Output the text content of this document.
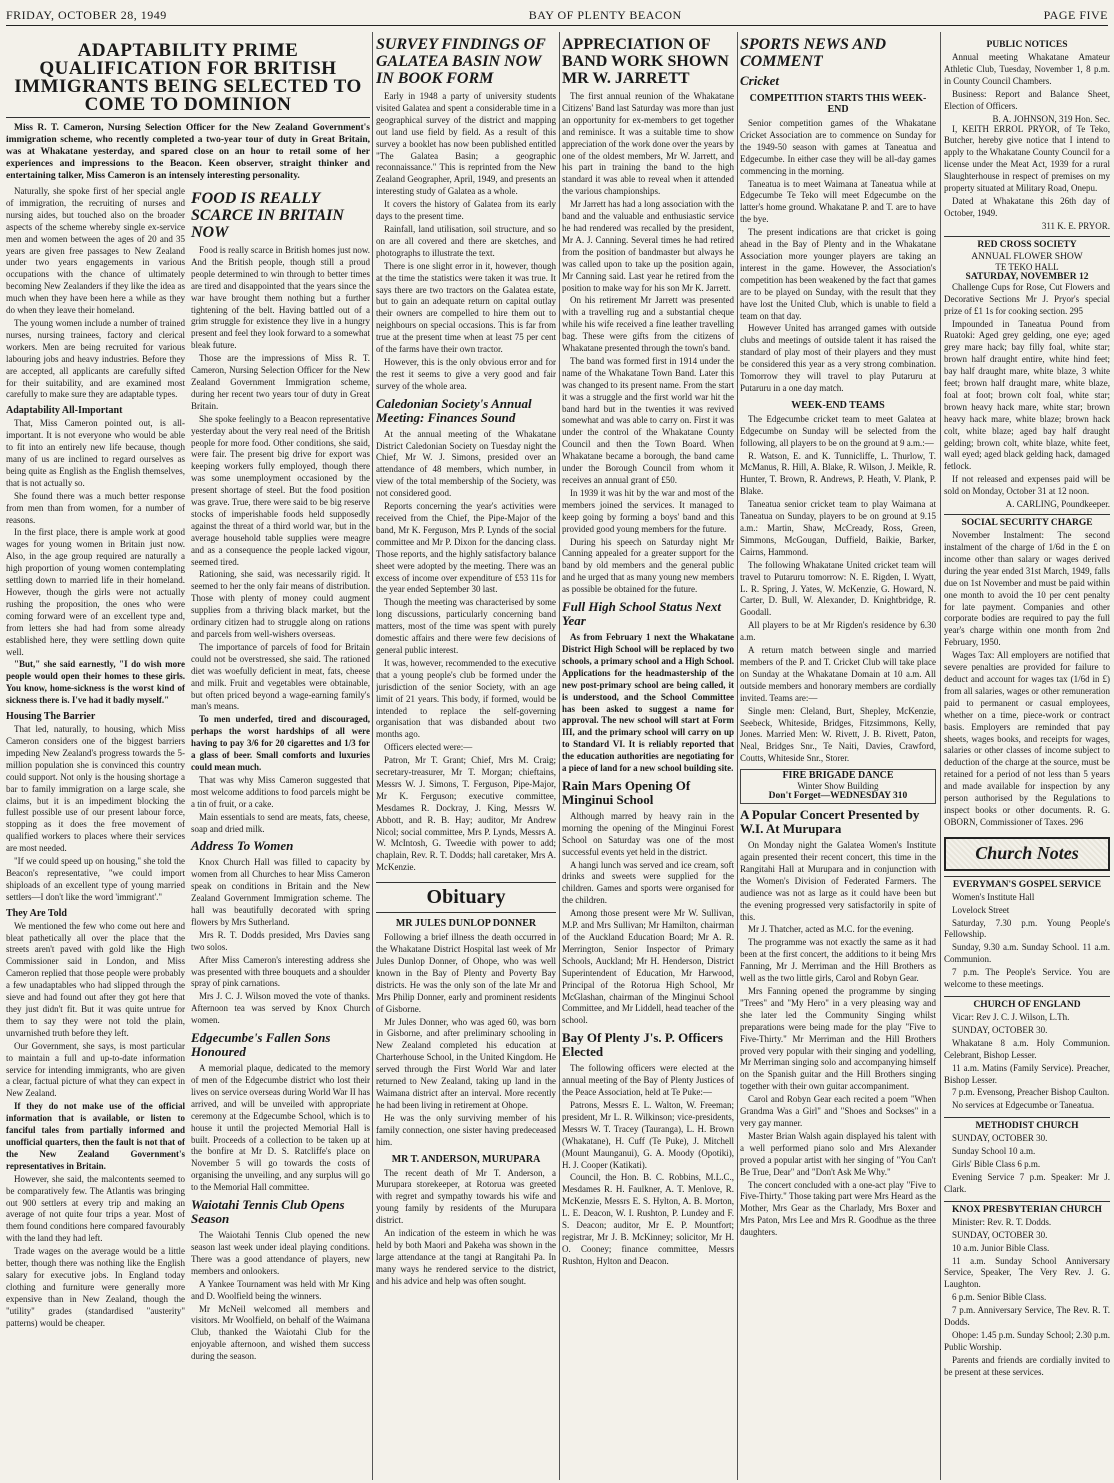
FRIDAY, OCTOBER 28, 1949	BAY OF PLENTY BEACON	PAGE FIVE
ADAPTABILITY PRIME QUALIFICATION FOR BRITISH IMMIGRANTS BEING SELECTED TO COME TO DOMINION
Miss R. T. Cameron, Nursing Selection Officer for the New Zealand Government's immigration scheme, who recently completed a two-year tour of duty in Great Britain, was at Whakatane yesterday, and spared close on an hour to retail some of her experiences and impressions to the Beacon. Keen observer, straight thinker and entertaining talker, Miss Cameron is an intensely interesting personality.

Naturally, she spoke first of her special angle of immigration, the recruiting of nurses and nursing aides, but touched also on the broader aspects of the scheme whereby single ex-service men and women between the ages of 20 and 35 years are given free passages to New Zealand under two years engagements in various occupations with the chance of ultimately becoming New Zealanders if they like the idea as much when they have been here a while as they do when they leave their homeland.

The young women include a number of trained nurses, nursing trainees, factory and clerical workers. Men are being recruited for various labouring jobs and heavy industries. Before they are accepted, all applicants are carefully sifted for their suitability, and are examined most carefully to make sure they are adaptable types.

Adaptability All-Important

That, Miss Cameron pointed out, is all-important. It is not everyone who would be able to fit into an entirely new life because, though many of us are inclined to regard ourselves as being quite as English as the English themselves, that is not actually so.

She found there was a much better response from men than from women, for a number of reasons.

In the first place, there is ample work at good wages for young women in Britain just now. Also, in the age group required are naturally a high proportion of young women contemplating settling down to married life in their homeland. However, though the girls were not actually rushing the proposition, the ones who were coming forward were of an excellent type and, from letters she had had from some already established here, they were settling down quite well.

"But," she said earnestly, "I do wish more people would open their homes to these girls. You know, home-sickness is the worst kind of sickness there is. I've had it badly myself."

Housing The Barrier

That led, naturally, to housing, which Miss Cameron considers one of the biggest barriers impeding New Zealand's progress towards the 5-million population she is convinced this country could support. Not only is the housing shortage a bar to family immigration on a large scale, she claims, but it is an impediment blocking the fullest possible use of our present labour force, stopping as it does the free movement of qualified workers to places where their services are most needed.

"If we could speed up on housing," she told the Beacon's representative, "we could import shiploads of an excellent type of young married settlers—I don't like the word 'immigrant'."

They Are Told

We mentioned the few who come out here and bleat pathetically all over the place that the streets aren't paved with gold like the High Commissioner said in London, and Miss Cameron replied that those people were probably a few unadaptables who had slipped through the sieve and had found out after they got here that they just didn't fit. But it was quite untrue for them to say they were not told the plain, unvarnished truth before they left.

Our Government, she says, is most particular to maintain a full and up-to-date information service for intending immigrants, who are given a clear, factual picture of what they can expect in New Zealand.

If they do not make use of the official information that is available, or listen to fanciful tales from partially informed and unofficial quarters, then the fault is not that of the New Zealand Government's representatives in Britain.

However, she said, the malcontents seemed to be comparatively few. The Atlantis was bringing out 900 settlers at every trip and making an average of not quite four trips a year. Most of them found conditions here compared favourably with the land they had left.

Trade wages on the average would be a little better, though there was nothing like the English salary for executive jobs. In England today clothing and furniture were generally more expensive than in New Zealand, though the "utility" grades (standardised "austerity" patterns) would be cheaper.

FOOD IS REALLY SCARCE IN BRITAIN NOW

Food is really scarce in British homes just now. And the British people, though still a proud people determined to win through to better times are tired and disappointed that the years since the war have brought them nothing but a further tightening of the belt. Having battled out of a grim struggle for existence they live in a hungry present and feel they look forward to a somewhat bleak future.

Those are the impressions of Miss R. T. Cameron, Nursing Selection Officer for the New Zealand Government Immigration scheme, during her recent two years tour of duty in Great Britain.

She spoke feelingly to a Beacon representative yesterday about the very real need of the British people for more food. Other conditions, she said, were fair. The present big drive for export was keeping workers fully employed, though there was some unemployment occasioned by the present shortage of steel. But the food position was grave. True, there were said to be big reserve stocks of imperishable foods held supposedly against the threat of a third world war, but in the average household table supplies were meagre and as a consequence the people lacked vigour, seemed tired.

Rationing, she said, was necessarily rigid. It seemed to her the only fair means of distribution. Those with plenty of money could augment supplies from a thriving black market, but the ordinary citizen had to struggle along on rations and parcels from well-wishers overseas.

The importance of parcels of food for Britain could not be overstressed, she said. The rationed diet was woefully deficient in meat, fats, cheese and milk. Fruit and vegetables were obtainable, but often priced beyond a wage-earning family's man's means.

To men underfed, tired and discouraged, perhaps the worst hardships of all were having to pay 3/6 for 20 cigarettes and 1/3 for a glass of beer. Small comforts and luxuries could mean much.

That was why Miss Cameron suggested that most welcome additions to food parcels might be a tin of fruit, or a cake.

Main essentials to send are meats, fats, cheese, soap and dried milk.

Address To Women

Knox Church Hall was filled to capacity by women from all Churches to hear Miss Cameron speak on conditions in Britain and the New Zealand Government Immigration scheme. The hall was beautifully decorated with spring flowers by Mrs Sutherland.

Mrs R. T. Dodds presided, Mrs Davies sang two solos.

After Miss Cameron's interesting address she was presented with three bouquets and a shoulder spray of pink carnations.

Mrs J. C. J. Wilson moved the vote of thanks. Afternoon tea was served by Knox Church women.

Edgecumbe's Fallen Sons Honoured

A memorial plaque, dedicated to the memory of men of the Edgecumbe district who lost their lives on service overseas during World War II has arrived, and will be unveiled with appropriate ceremony at the Edgecumbe School, which is to house it until the projected Memorial Hall is built. Proceeds of a collection to be taken up at the bonfire at Mr D. S. Ratcliffe's place on November 5 will go towards the costs of organising the unveiling, and any surplus will go to the Memorial Hall committee.

Waiotahi Tennis Club Opens Season

The Waiotahi Tennis Club opened the new season last week under ideal playing conditions. There was a good attendance of players, new members and onlookers.

A Yankee Tournament was held with Mr King and D. Woolfield being the winners.

Mr McNeil welcomed all members and visitors. Mr Woolfield, on behalf of the Waimana Club, thanked the Waiotahi Club for the enjoyable afternoon, and wished them success during the season.

SURVEY FINDINGS OF GALATEA BASIN NOW IN BOOK FORM

Early in 1948 a party of university students visited Galatea and spent a considerable time in a geographical survey of the district and mapping out land use field by field. As a result of this survey a booklet has now been published entitled "The Galatea Basin; a geographic reconnaissance." This is reprinted from the New Zealand Geographer, April, 1949, and presents an interesting study of Galatea as a whole.

It covers the history of Galatea from its early days to the present time.

Rainfall, land utilisation, soil structure, and so on are all covered and there are sketches, and photographs to illustrate the text.

There is one slight error in it, however, though at the time the statistics were taken it was true. It says there are two tractors on the Galatea estate, but to gain an adequate return on capital outlay their owners are compelled to hire them out to neighbours on special occasions. This is far from true at the present time when at least 75 per cent of the farms have their own tractor.

However, this is the only obvious error and for the rest it seems to give a very good and fair survey of the whole area.

Caledonian Society's Annual Meeting: Finances Sound

At the annual meeting of the Whakatane District Caledonian Society on Tuesday night the Chief, Mr W. J. Simons, presided over an attendance of 48 members, which number, in view of the total membership of the Society, was not considered good.

Reports concerning the year's activities were received from the Chief, the Pipe-Major of the band, Mr K. Ferguson, Mrs P. Lynds of the social committee and Mr P. Dixon for the dancing class. Those reports, and the highly satisfactory balance sheet were adopted by the meeting. There was an excess of income over expenditure of £53 11s for the year ended September 30 last.

Though the meeting was characterised by some long discussions, particularly concerning band matters, most of the time was spent with purely domestic affairs and there were few decisions of general public interest.

It was, however, recommended to the executive that a young people's club be formed under the jurisdiction of the senior Society, with an age limit of 21 years. This body, if formed, would be intended to replace the self-governing organisation that was disbanded about two months ago.

Officers elected were:—

Patron, Mr T. Grant; Chief, Mrs M. Craig; secretary-treasurer, Mr T. Morgan; chieftains, Messrs W. J. Simons, T. Ferguson, Pipe-Major, Mr K. Ferguson; executive committee, Mesdames R. Dockray, J. King, Messrs W. Abbott, and R. B. Hay; auditor, Mr Andrew Nicol; social committee, Mrs P. Lynds, Messrs A. W. McIntosh, G. Tweedie with power to add; chaplain, Rev. R. T. Dodds; hall caretaker, Mrs A. McKenzie.

Obituary
MR JULES DUNLOP DONNER

Following a brief illness the death occurred in the Whakatane District Hospital last week of Mr Jules Dunlop Donner, of Ohope, who was well known in the Bay of Plenty and Poverty Bay districts. He was the only son of the late Mr and Mrs Philip Donner, early and prominent residents of Gisborne.

Mr Jules Donner, who was aged 60, was born in Gisborne, and after preliminary schooling in New Zealand completed his education at Charterhouse School, in the United Kingdom. He served through the First World War and later returned to New Zealand, taking up land in the Waimana district after an interval. More recently he had been living in retirement at Ohope.

He was the only surviving member of his family connection, one sister having predeceased him.

MR T. ANDERSON, MURUPARA

The recent death of Mr T. Anderson, a Murupara storekeeper, at Rotorua was greeted with regret and sympathy towards his wife and young family by residents of the Murupara district.

An indication of the esteem in which he was held by both Maori and Pakeha was shown in the large attendance at the tangi at Rangitahi Pa. In many ways he rendered service to the district, and his advice and help was often sought.

APPRECIATION OF BAND WORK SHOWN MR W. JARRETT

The first annual reunion of the Whakatane Citizens' Band last Saturday was more than just an opportunity for ex-members to get together and reminisce. It was a suitable time to show appreciation of the work done over the years by one of the oldest members, Mr W. Jarrett, and his part in training the band to the high standard it was able to reveal when it attended the various championships.

Mr Jarrett has had a long association with the band and the valuable and enthusiastic service he had rendered was recalled by the president, Mr A. J. Canning. Several times he had retired from the position of bandmaster but always he was called upon to take up the position again, Mr Canning said. Last year he retired from the position to make way for his son Mr K. Jarrett.

On his retirement Mr Jarrett was presented with a travelling rug and a substantial cheque while his wife received a fine leather travelling bag. These were gifts from the citizens of Whakatane presented through the town's band.

The band was formed first in 1914 under the name of the Whakatane Town Band. Later this was changed to its present name. From the start it was a struggle and the first world war hit the band hard but in the twenties it was revived somewhat and was able to carry on. First it was under the control of the Whakatane County Council and then the Town Board. When Whakatane became a borough, the band came under the Borough Council from whom it receives an annual grant of £50.

In 1939 it was hit by the war and most of the members joined the services. It managed to keep going by forming a boys' band and this provided good young members for the future.

During his speech on Saturday night Mr Canning appealed for a greater support for the band by old members and the general public and he urged that as many young new members as possible be obtained for the future.

Full High School Status Next Year

As from February 1 next the Whakatane District High School will be replaced by two schools, a primary school and a High School. Applications for the headmastership of the new post-primary school are being called, it is understood, and the School Committee has been asked to suggest a name for approval. The new school will start at Form III, and the primary school will carry on up to Standard VI. It is reliably reported that the education authorities are negotiating for a piece of land for a new school building site.

Rain Mars Opening Of Minginui School

Although marred by heavy rain in the morning the opening of the Minginui Forest School on Saturday was one of the most successful events yet held in the district.

A hangi lunch was served and ice cream, soft drinks and sweets were supplied for the children. Games and sports were organised for the children.

Among those present were Mr W. Sullivan, M.P. and Mrs Sullivan; Mr Hamilton, chairman of the Auckland Education Board; Mr A. R. Merrington, Senior Inspector of Primary Schools, Auckland; Mr H. Henderson, District Superintendent of Education, Mr Harwood, Principal of the Rotorua High School, Mr McGlashan, chairman of the Minginui School Committee, and Mr Liddell, head teacher of the school.

Bay Of Plenty J's. P. Officers Elected

The following officers were elected at the annual meeting of the Bay of Plenty Justices of the Peace Association, held at Te Puke:—

Patrons, Messrs E. L. Walton, W. Freeman; president, Mr L. R. Wilkinson; vice-presidents, Messrs W. T. Tracey (Tauranga), L. H. Brown (Whakatane), H. Cuff (Te Puke), J. Mitchell (Mount Maunganui), G. A. Moody (Opotiki), H. J. Cooper (Katikati).

Council, the Hon. B. C. Robbins, M.L.C., Mesdames R. H. Faulkner, A. T. Menlove, R. McKenzie, Messrs E. S. Hylton, A. B. Morton, L. E. Deacon, W. I. Rushton, P. Lundey and F. S. Deacon; auditor, Mr E. P. Mountfort; registrar, Mr J. B. McKinney; solicitor, Mr H. O. Cooney; finance committee, Messrs Rushton, Hylton and Deacon.

SPORTS NEWS AND COMMENT
Cricket
COMPETITION STARTS THIS WEEK-END

Senior competition games of the Whakatane Cricket Association are to commence on Sunday for the 1949-50 season with games at Taneatua and Edgecumbe. In either case they will be all-day games commencing in the morning.

Taneatua is to meet Waimana at Taneatua while at Edgecumbe Te Teko will meet Edgecumbe on the latter's home ground. Whakatane P. and T. are to have the bye.

The present indications are that cricket is going ahead in the Bay of Plenty and in the Whakatane Association more younger players are taking an interest in the game. However, the Association's competition has been weakened by the fact that games are to be played on Sunday, with the result that they have lost the United Club, which is unable to field a team on that day.

However United has arranged games with outside clubs and meetings of outside talent it has raised the standard of play most of their players and they must be considered this year as a very strong combination. Tomorrow they will travel to play Putaruru at Putaruru in a one day match.

WEEK-END TEAMS

The Edgecumbe cricket team to meet Galatea at Edgecumbe on Sunday will be selected from the following, all players to be on the ground at 9 a.m.:—

R. Watson, E. and K. Tunnicliffe, L. Thurlow, T. McManus, R. Hill, A. Blake, R. Wilson, J. Meikle, R. Hunter, T. Brown, R. Andrews, P. Heath, V. Plank, P. Blake.

Taneatua senior cricket team to play Waimana at Taneatua on Sunday, players to be on ground at 9.15 a.m.: Martin, Shaw, McCready, Ross, Green, Simmons, McGougan, Duffield, Baikie, Barker, Cairns, Hammond.

The following Whakatane United cricket team will travel to Putaruru tomorrow: N. E. Rigden, I. Wyatt, L. R. Spring, J. Yates, W. McKenzie, G. Howard, N. Carter, D. Bull, W. Alexander, D. Knightbridge, R. Goodall.

All players to be at Mr Rigden's residence by 6.30 a.m.

A return match between single and married members of the P. and T. Cricket Club will take place on Sunday at the Whakatane Domain at 10 a.m. All outside members and honorary members are cordially invited. Teams are:—

Single men: Cleland, Burt, Shepley, McKenzie, Seebeck, Whiteside, Bridges, Fitzsimmons, Kelly, Jones. Married Men: W. Rivett, J. B. Rivett, Paton, Neal, Bridges Snr., Te Naiti, Davies, Crawford, Coutts, Whiteside Snr., Storer.

FIRE BRIGADE DANCE
Winter Show Building
Don't Forget—WEDNESDAY 310
A Popular Concert Presented by W.I. At Murupara

On Monday night the Galatea Women's Institute again presented their recent concert, this time in the Rangitahi Hall at Murupara and in conjunction with the Women's Division of Federated Farmers. The audience was not as large as it could have been but the evening progressed very satisfactorily in spite of this.

Mr J. Thatcher, acted as M.C. for the evening.

The programme was not exactly the same as it had been at the first concert, the additions to it being Mrs Fanning, Mr J. Merriman and the Hill Brothers as well as the two little girls, Carol and Robyn Gear.

Mrs Fanning opened the programme by singing "Trees" and "My Hero" in a very pleasing way and she later led the Community Singing whilst preparations were being made for the play "Five to Five-Thirty." Mr Merriman and the Hill Brothers proved very popular with their singing and yodelling, Mr Merriman singing solo and accompanying himself on the Spanish guitar and the Hill Brothers singing together with their own guitar accompaniment.

Carol and Robyn Gear each recited a poem "When Grandma Was a Girl" and "Shoes and Sockses" in a very gay manner.

Master Brian Walsh again displayed his talent with a well performed piano solo and Mrs Alexander proved a popular artist with her singing of "You Can't Be True, Dear" and "Don't Ask Me Why."

The concert concluded with a one-act play "Five to Five-Thirty." Those taking part were Mrs Heard as the Mother, Mrs Gear as the Charlady, Mrs Boxer and Mrs Paton, Mrs Lee and Mrs R. Goodhue as the three daughters.

PUBLIC NOTICES

Annual meeting Whakatane Amateur Athletic Club, Tuesday, November 1, 8 p.m. in County Council Chambers.

Business: Report and Balance Sheet, Election of Officers.

B. A. JOHNSON, 319 Hon. Sec.

I, KEITH ERROL PRYOR, of Te Teko, Butcher, hereby give notice that I intend to apply to the Whakatane County Council for a license under the Meat Act, 1939 for a rural Slaughterhouse in respect of premises on my property situated at Military Road, Onepu.

Dated at Whakatane this 26th day of October, 1949.

311 K. E. PRYOR.
RED CROSS SOCIETY
ANNUAL FLOWER SHOW
TE TEKO HALL
SATURDAY, NOVEMBER 12

Challenge Cups for Rose, Cut Flowers and Decorative Sections Mr J. Pryor's special prize of £1 1s for cooking section. 295

Impounded in Taneatua Pound from Ruatoki: Aged grey gelding, one eye; aged grey mare hack; bay filly foal, white star; brown half draught entire, white hind feet; bay half draught mare, white blaze, 3 white feet; brown half draught mare, white blaze, foal at foot; brown colt foal, white star; brown heavy hack mare, white star; brown heavy hack mare, white blaze; brown hack colt, white blaze; aged bay half draught gelding; brown colt, white blaze, white feet, wall eyed; aged black gelding hack, damaged fetlock.

If not released and expenses paid will be sold on Monday, October 31 at 12 noon.

A. CARLING, Poundkeeper.
SOCIAL SECURITY CHARGE

November Instalment: The second instalment of the charge of 1/6d in the £ on income other than salary or wages derived during the year ended 31st March, 1949, falls due on 1st November and must be paid within one month to avoid the 10 per cent penalty for late payment. Companies and other corporate bodies are required to pay the full year's charge within one month from 2nd February, 1950.

Wages Tax: All employers are notified that severe penalties are provided for failure to deduct and account for wages tax (1/6d in £) from all salaries, wages or other remuneration paid to permanent or casual employees, whether on a time, piece-work or contract basis. Employers are reminded that pay sheets, wages books, and receipts for wages, salaries or other classes of income subject to deduction of the charge at the source, must be retained for a period of not less than 5 years and made available for inspection by any person authorised by the Regulations to inspect books or other documents. R. G. OBORN, Commissioner of Taxes. 296

Church Notes
EVERYMAN'S GOSPEL SERVICE

Women's Institute Hall

Lovelock Street

Saturday, 7.30 p.m. Young People's Fellowship.

Sunday, 9.30 a.m. Sunday School. 11 a.m. Communion.

7 p.m. The People's Service. You are welcome to these meetings.

CHURCH OF ENGLAND

Vicar: Rev J. C. J. Wilson, L.Th.

SUNDAY, OCTOBER 30.

Whakatane 8 a.m. Holy Communion. Celebrant, Bishop Lesser.

11 a.m. Matins (Family Service). Preacher, Bishop Lesser.

7 p.m. Evensong, Preacher Bishop Caulton.

No services at Edgecumbe or Taneatua.

METHODIST CHURCH

SUNDAY, OCTOBER 30.

Sunday School 10 a.m.

Girls' Bible Class 6 p.m.

Evening Service 7 p.m. Speaker: Mr J. Clark.

KNOX PRESBYTERIAN CHURCH

Minister: Rev. R. T. Dodds.

SUNDAY, OCTOBER 30.

10 a.m. Junior Bible Class.

11 a.m. Sunday School Anniversary Service, Speaker, The Very Rev. J. G. Laughton.

6 p.m. Senior Bible Class.

7 p.m. Anniversary Service, The Rev. R. T. Dodds.

Ohope: 1.45 p.m. Sunday School; 2.30 p.m. Public Worship.

Parents and friends are cordially invited to be present at these services.
